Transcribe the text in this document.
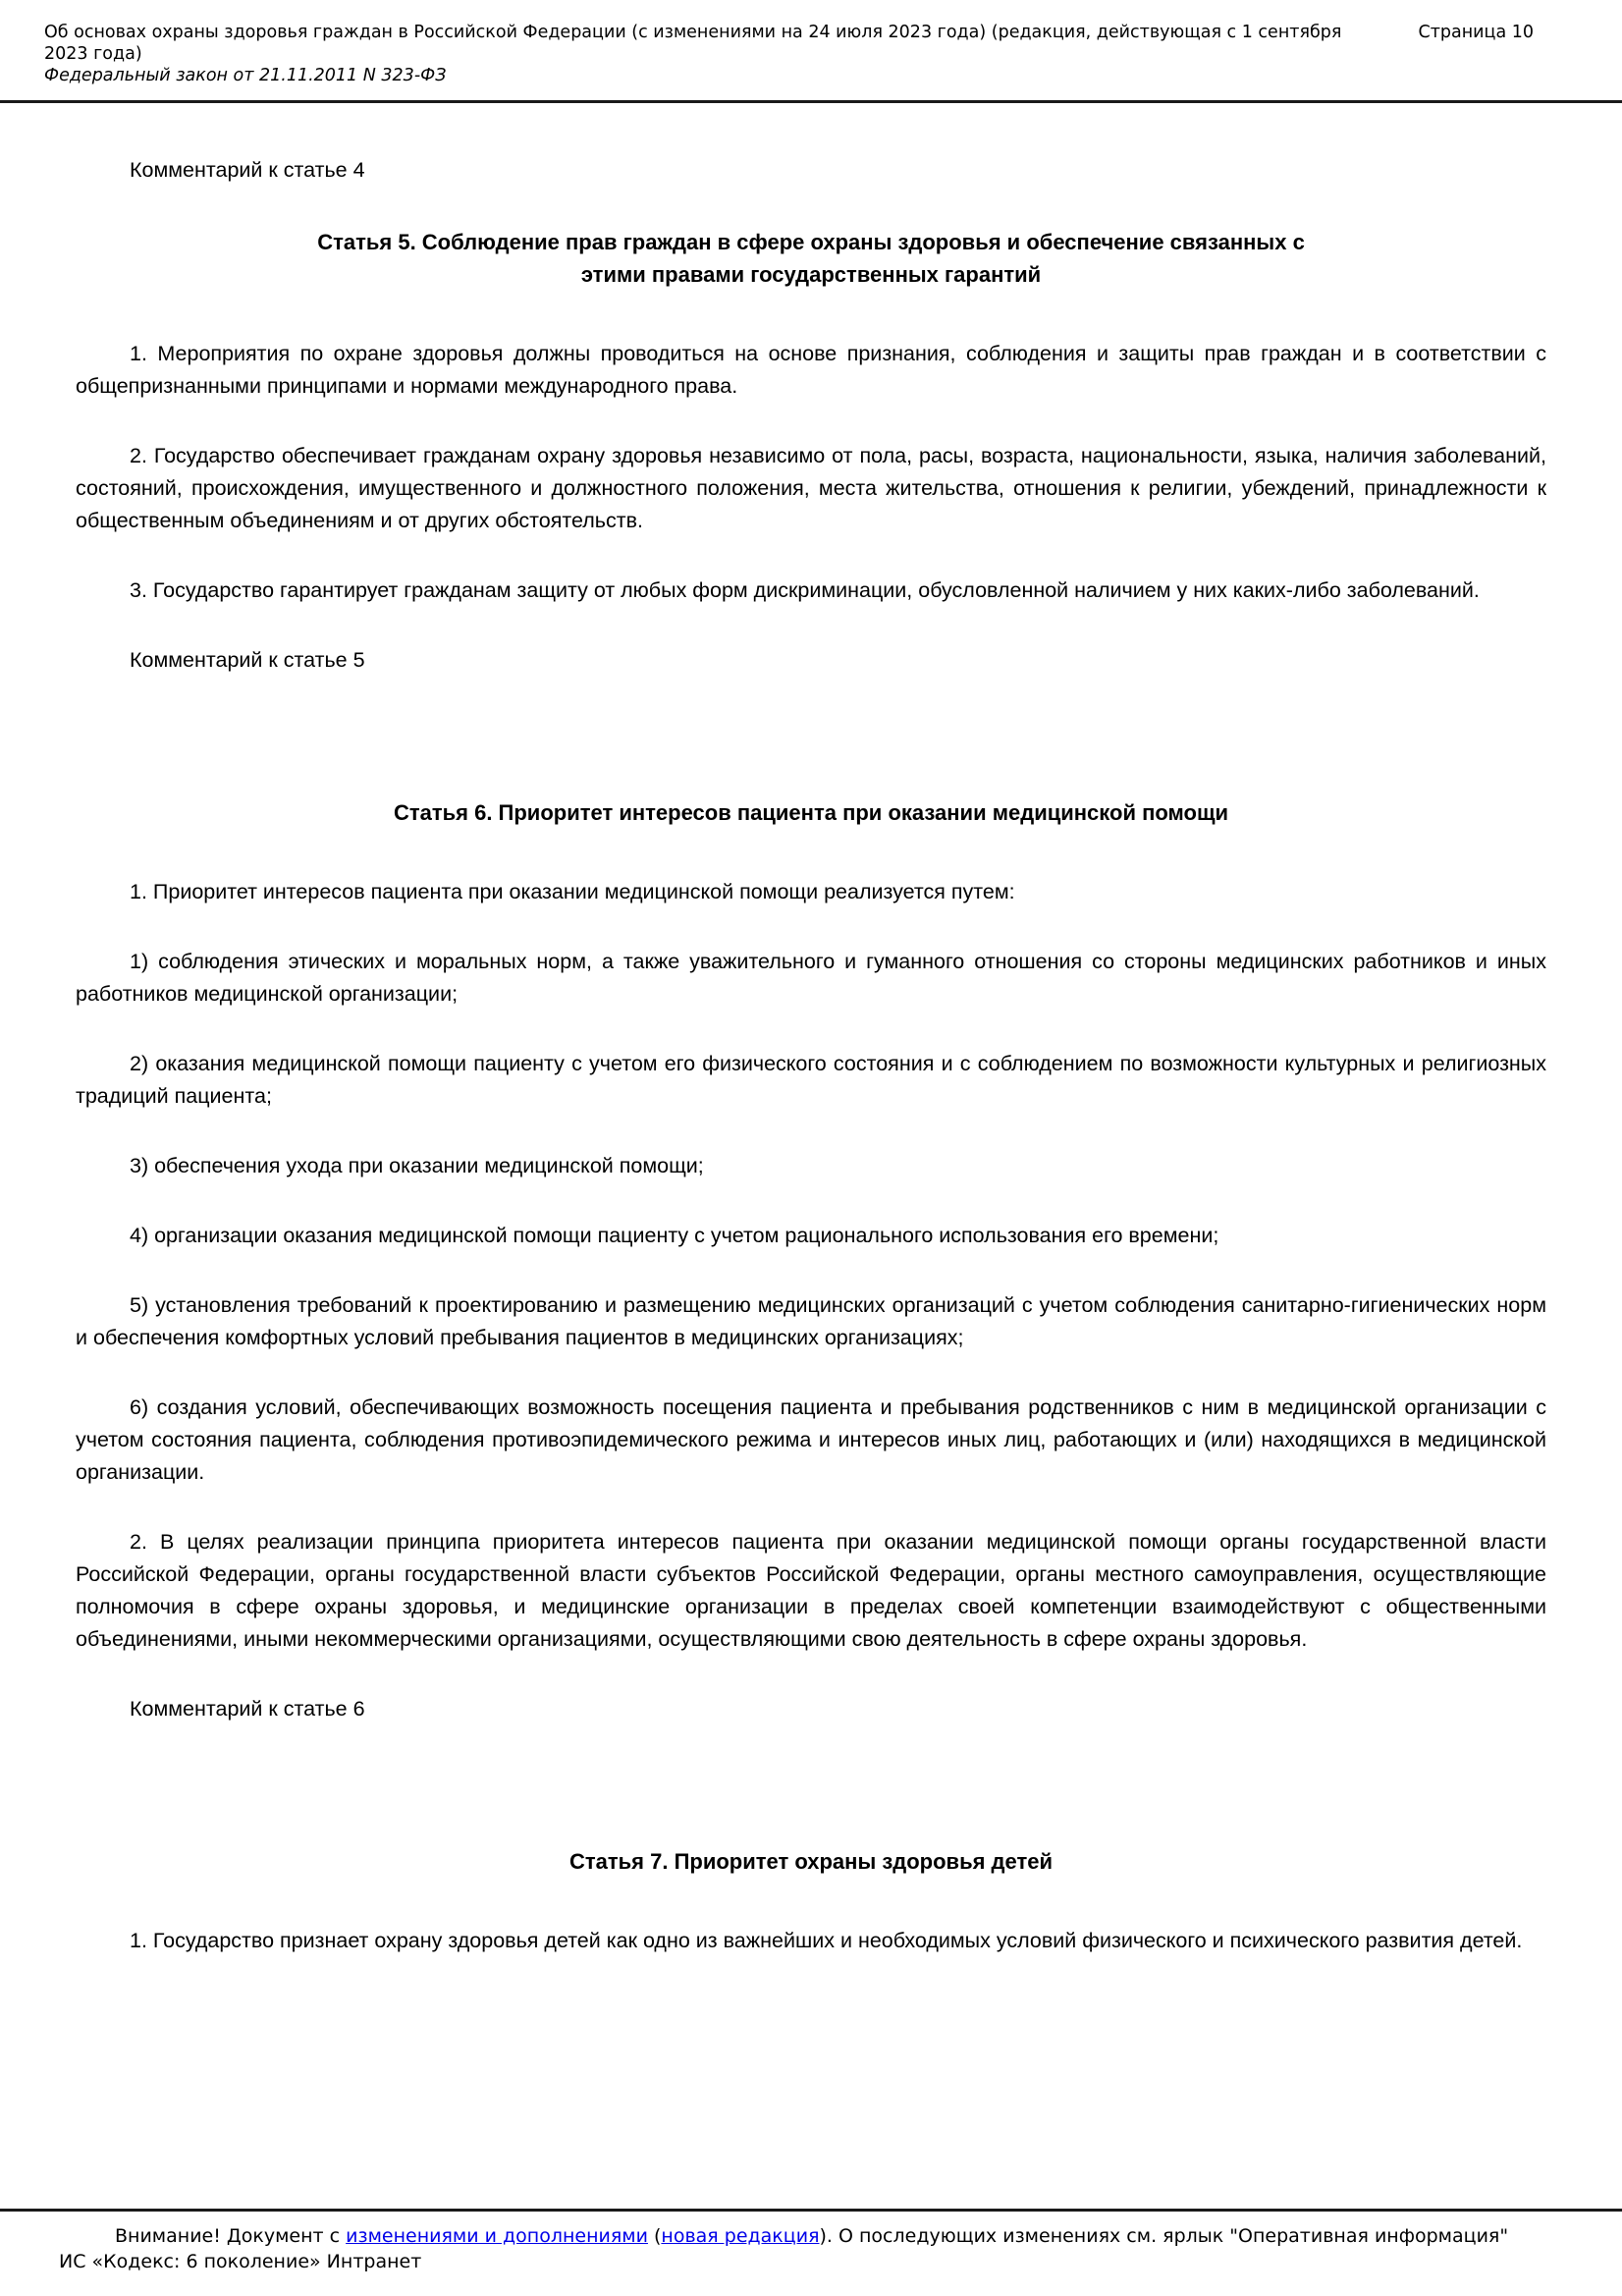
Об основах охраны здоровья граждан в Российской Федерации (с изменениями на 24 июля 2023 года) (редакция, действующая с 1 сентября 2023 года)
Федеральный закон от 21.11.2011 N 323-ФЗ
Страница 10

Комментарий к статье 4

Статья 5. Соблюдение прав граждан в сфере охраны здоровья и обеспечение связанных с
этими правами государственных гарантий

1. Мероприятия по охране здоровья должны проводиться на основе признания, соблюдения и защиты прав граждан и в соответствии с общепризнанными принципами и нормами международного права.

2. Государство обеспечивает гражданам охрану здоровья независимо от пола, расы, возраста, национальности, языка, наличия заболеваний, состояний, происхождения, имущественного и должностного положения, места жительства, отношения к религии, убеждений, принадлежности к общественным объединениям и от других обстоятельств.

3. Государство гарантирует гражданам защиту от любых форм дискриминации, обусловленной наличием у них каких-либо заболеваний.

Комментарий к статье 5

Статья 6. Приоритет интересов пациента при оказании медицинской помощи

1. Приоритет интересов пациента при оказании медицинской помощи реализуется путем:

1) соблюдения этических и моральных норм, а также уважительного и гуманного отношения со стороны медицинских работников и иных работников медицинской организации;

2) оказания медицинской помощи пациенту с учетом его физического состояния и с соблюдением по возможности культурных и религиозных традиций пациента;

3) обеспечения ухода при оказании медицинской помощи;

4) организации оказания медицинской помощи пациенту с учетом рационального использования его времени;

5) установления требований к проектированию и размещению медицинских организаций с учетом соблюдения санитарно-гигиенических норм и обеспечения комфортных условий пребывания пациентов в медицинских организациях;

6) создания условий, обеспечивающих возможность посещения пациента и пребывания родственников с ним в медицинской организации с учетом состояния пациента, соблюдения противоэпидемического режима и интересов иных лиц, работающих и (или) находящихся в медицинской организации.

2. В целях реализации принципа приоритета интересов пациента при оказании медицинской помощи органы государственной власти Российской Федерации, органы государственной власти субъектов Российской Федерации, органы местного самоуправления, осуществляющие полномочия в сфере охраны здоровья, и медицинские организации в пределах своей компетенции взаимодействуют с общественными объединениями, иными некоммерческими организациями, осуществляющими свою деятельность в сфере охраны здоровья.

Комментарий к статье 6

Статья 7. Приоритет охраны здоровья детей

1. Государство признает охрану здоровья детей как одно из важнейших и необходимых условий физического и психического развития детей.

Внимание! Документ с изменениями и дополнениями (новая редакция). О последующих изменениях см. ярлык "Оперативная информация"
ИС «Кодекс: 6 поколение» Интранет
